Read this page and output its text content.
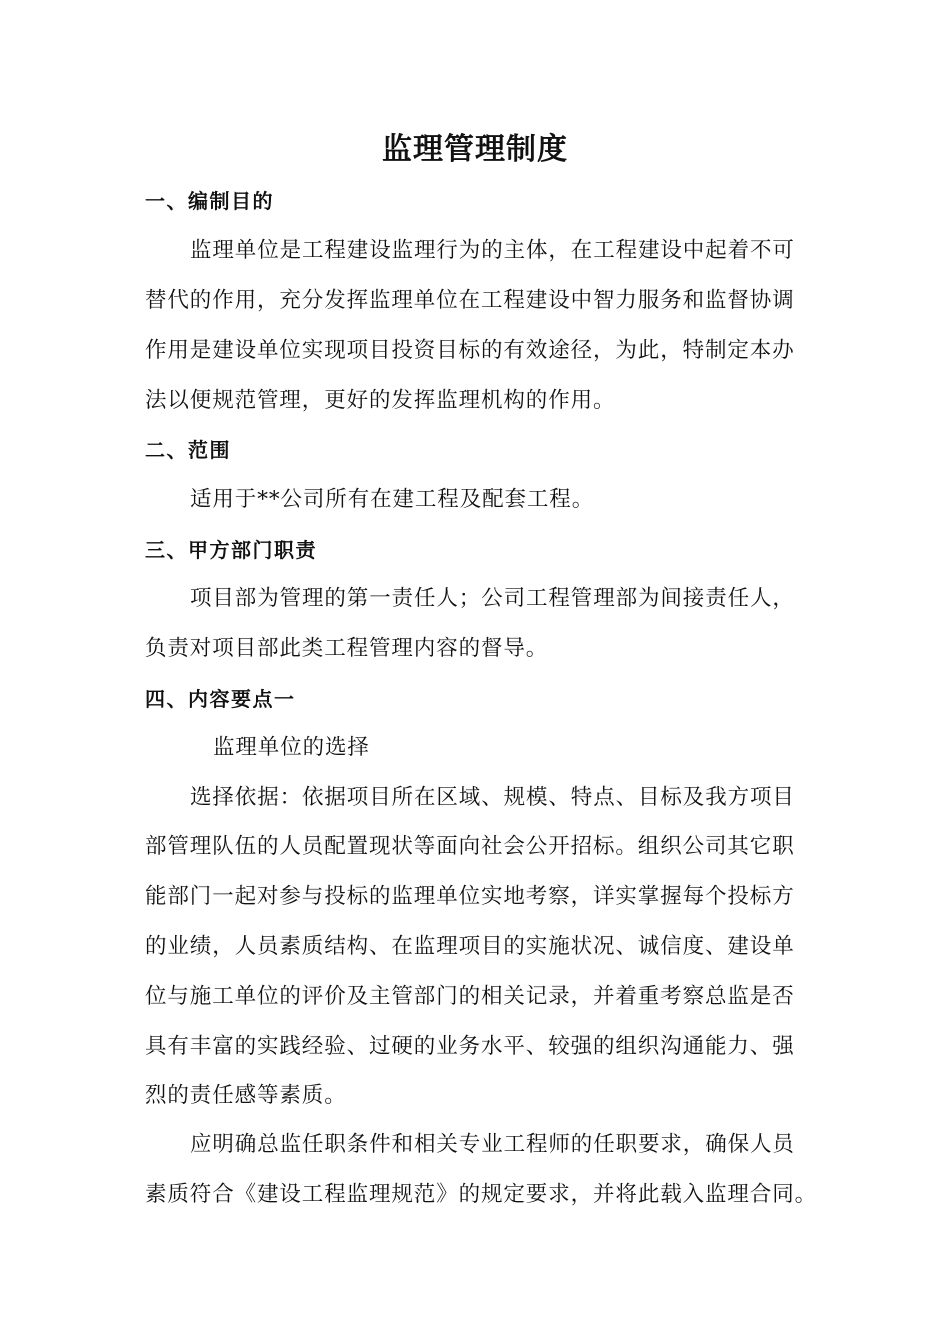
监理管理制度
一、编制目的
监理单位是工程建设监理行为的主体，在工程建设中起着不可
替代的作用，充分发挥监理单位在工程建设中智力服务和监督协调
作用是建设单位实现项目投资目标的有效途径，为此，特制定本办
法以便规范管理，更好的发挥监理机构的作用。
二、范围
适用于**公司所有在建工程及配套工程。
三、甲方部门职责
项目部为管理的第一责任人；公司工程管理部为间接责任人，
负责对项目部此类工程管理内容的督导。
四、内容要点一
监理单位的选择
选择依据：依据项目所在区域、规模、特点、目标及我方项目
部管理队伍的人员配置现状等面向社会公开招标。组织公司其它职
能部门一起对参与投标的监理单位实地考察，详实掌握每个投标方
的业绩，人员素质结构、在监理项目的实施状况、诚信度、建设单
位与施工单位的评价及主管部门的相关记录，并着重考察总监是否
具有丰富的实践经验、过硬的业务水平、较强的组织沟通能力、强
烈的责任感等素质。
应明确总监任职条件和相关专业工程师的任职要求，确保人员
素质符合《建设工程监理规范》的规定要求，并将此载入监理合同。
